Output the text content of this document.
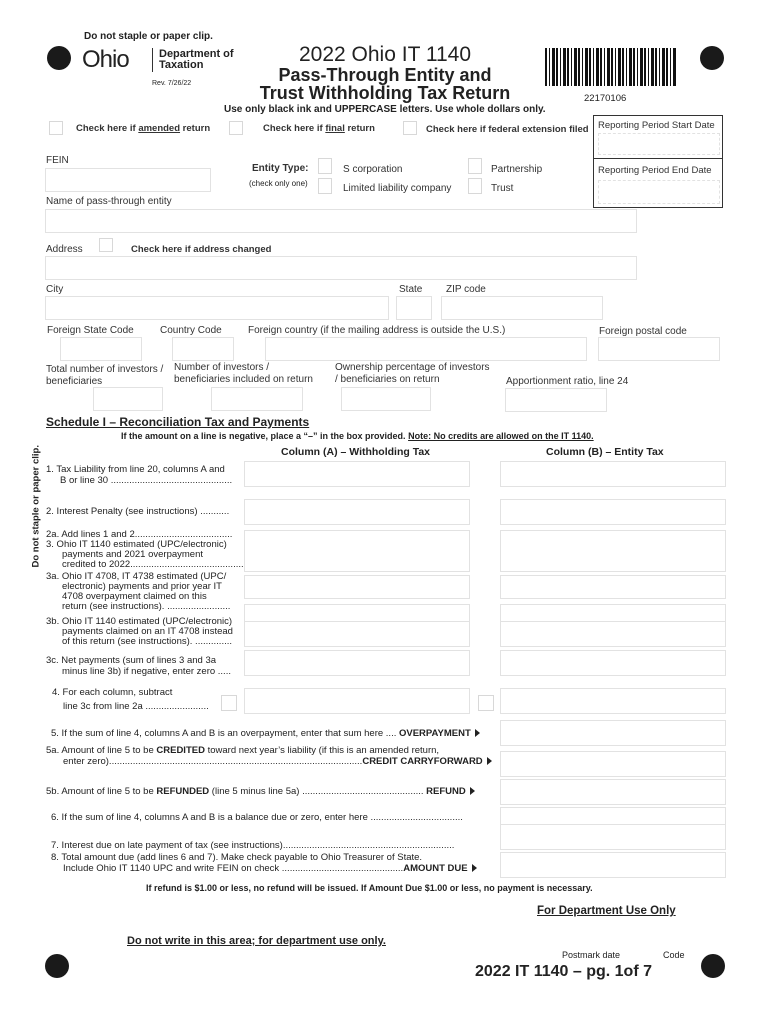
Do not staple or paper clip.
Do not staple or paper clip.
Ohio	Department of
Taxation
Rev. 7/26/22
2022 Ohio IT 1140
Pass-Through Entity and
Trust Withholding Tax Return	22170106
Use only black ink and UPPERCASE letters. Use whole dollars only.
Check here if amended return	Check here if final return	Check here if federal extension filed Reporting Period Start Date
Reporting Period End Date
FEIN
Entity Type:
(check only one)
S corporation
Limited liability company
Partnership
Trust
Name of pass-through entity
Address	Check here if address changed
City	State ZIP code
Foreign State Code	Country Code	Foreign country (if the mailing address is outside the U.S.)	Foreign postal code
Total number of investors /
beneficiaries
Number of investors /
beneficiaries included on return
Ownership percentage of investors
/ beneficiaries on return	Apportionment ratio, line 24
Schedule I – Reconciliation Tax and Payments
If the amount on a line is negative, place a “–” in the box provided. Note: No credits are allowed on the IT 1140.
Column (A) – Withholding Tax	Column (B) – Entity Tax
1. Tax Liability from line 20, columns A and
B or line 30 ..............................................
2. Interest Penalty (see instructions) ...........
2a. Add lines 1 and 2.....................................
3. Ohio IT 1140 estimated (UPC/electronic)
payments and 2021 overpayment
credited to 2022...........................................
3a. Ohio IT 4708, IT 4738 estimated (UPC/
electronic) payments and prior year IT
4708 overpayment claimed on this
return (see instructions). ........................
3b. Ohio IT 1140 estimated (UPC/electronic)
payments claimed on an IT 4708 instead
of this return (see instructions). ..............
3c. Net payments (sum of lines 3 and 3a
minus line 3b) if negative, enter zero .....
4. For each column, subtract
line 3c from line 2a ........................
5. If the sum of line 4, columns A and B is an overpayment, enter that sum here .... OVERPAYMENT
5a. Amount of line 5 to be CREDITED toward next year’s liability (if this is an amended return,
enter zero)................................................................................................CREDIT CARRYFORWARD
5b. Amount of line 5 to be REFUNDED (line 5 minus line 5a) .............................................. REFUND
6. If the sum of line 4, columns A and B is a balance due or zero, enter here ...................................
7. Interest due on late payment of tax (see instructions).................................................................
8. Total amount due (add lines 6 and 7). Make check payable to Ohio Treasurer of State.
Include Ohio IT 1140 UPC and write FEIN on check ..............................................AMOUNT DUE
If refund is $1.00 or less, no refund will be issued. If Amount Due $1.00 or less, no payment is necessary.
For Department Use Only
Do not write in this area; for department use only.
Postmark date	Code
2022 IT 1140 – pg. 1of 7
